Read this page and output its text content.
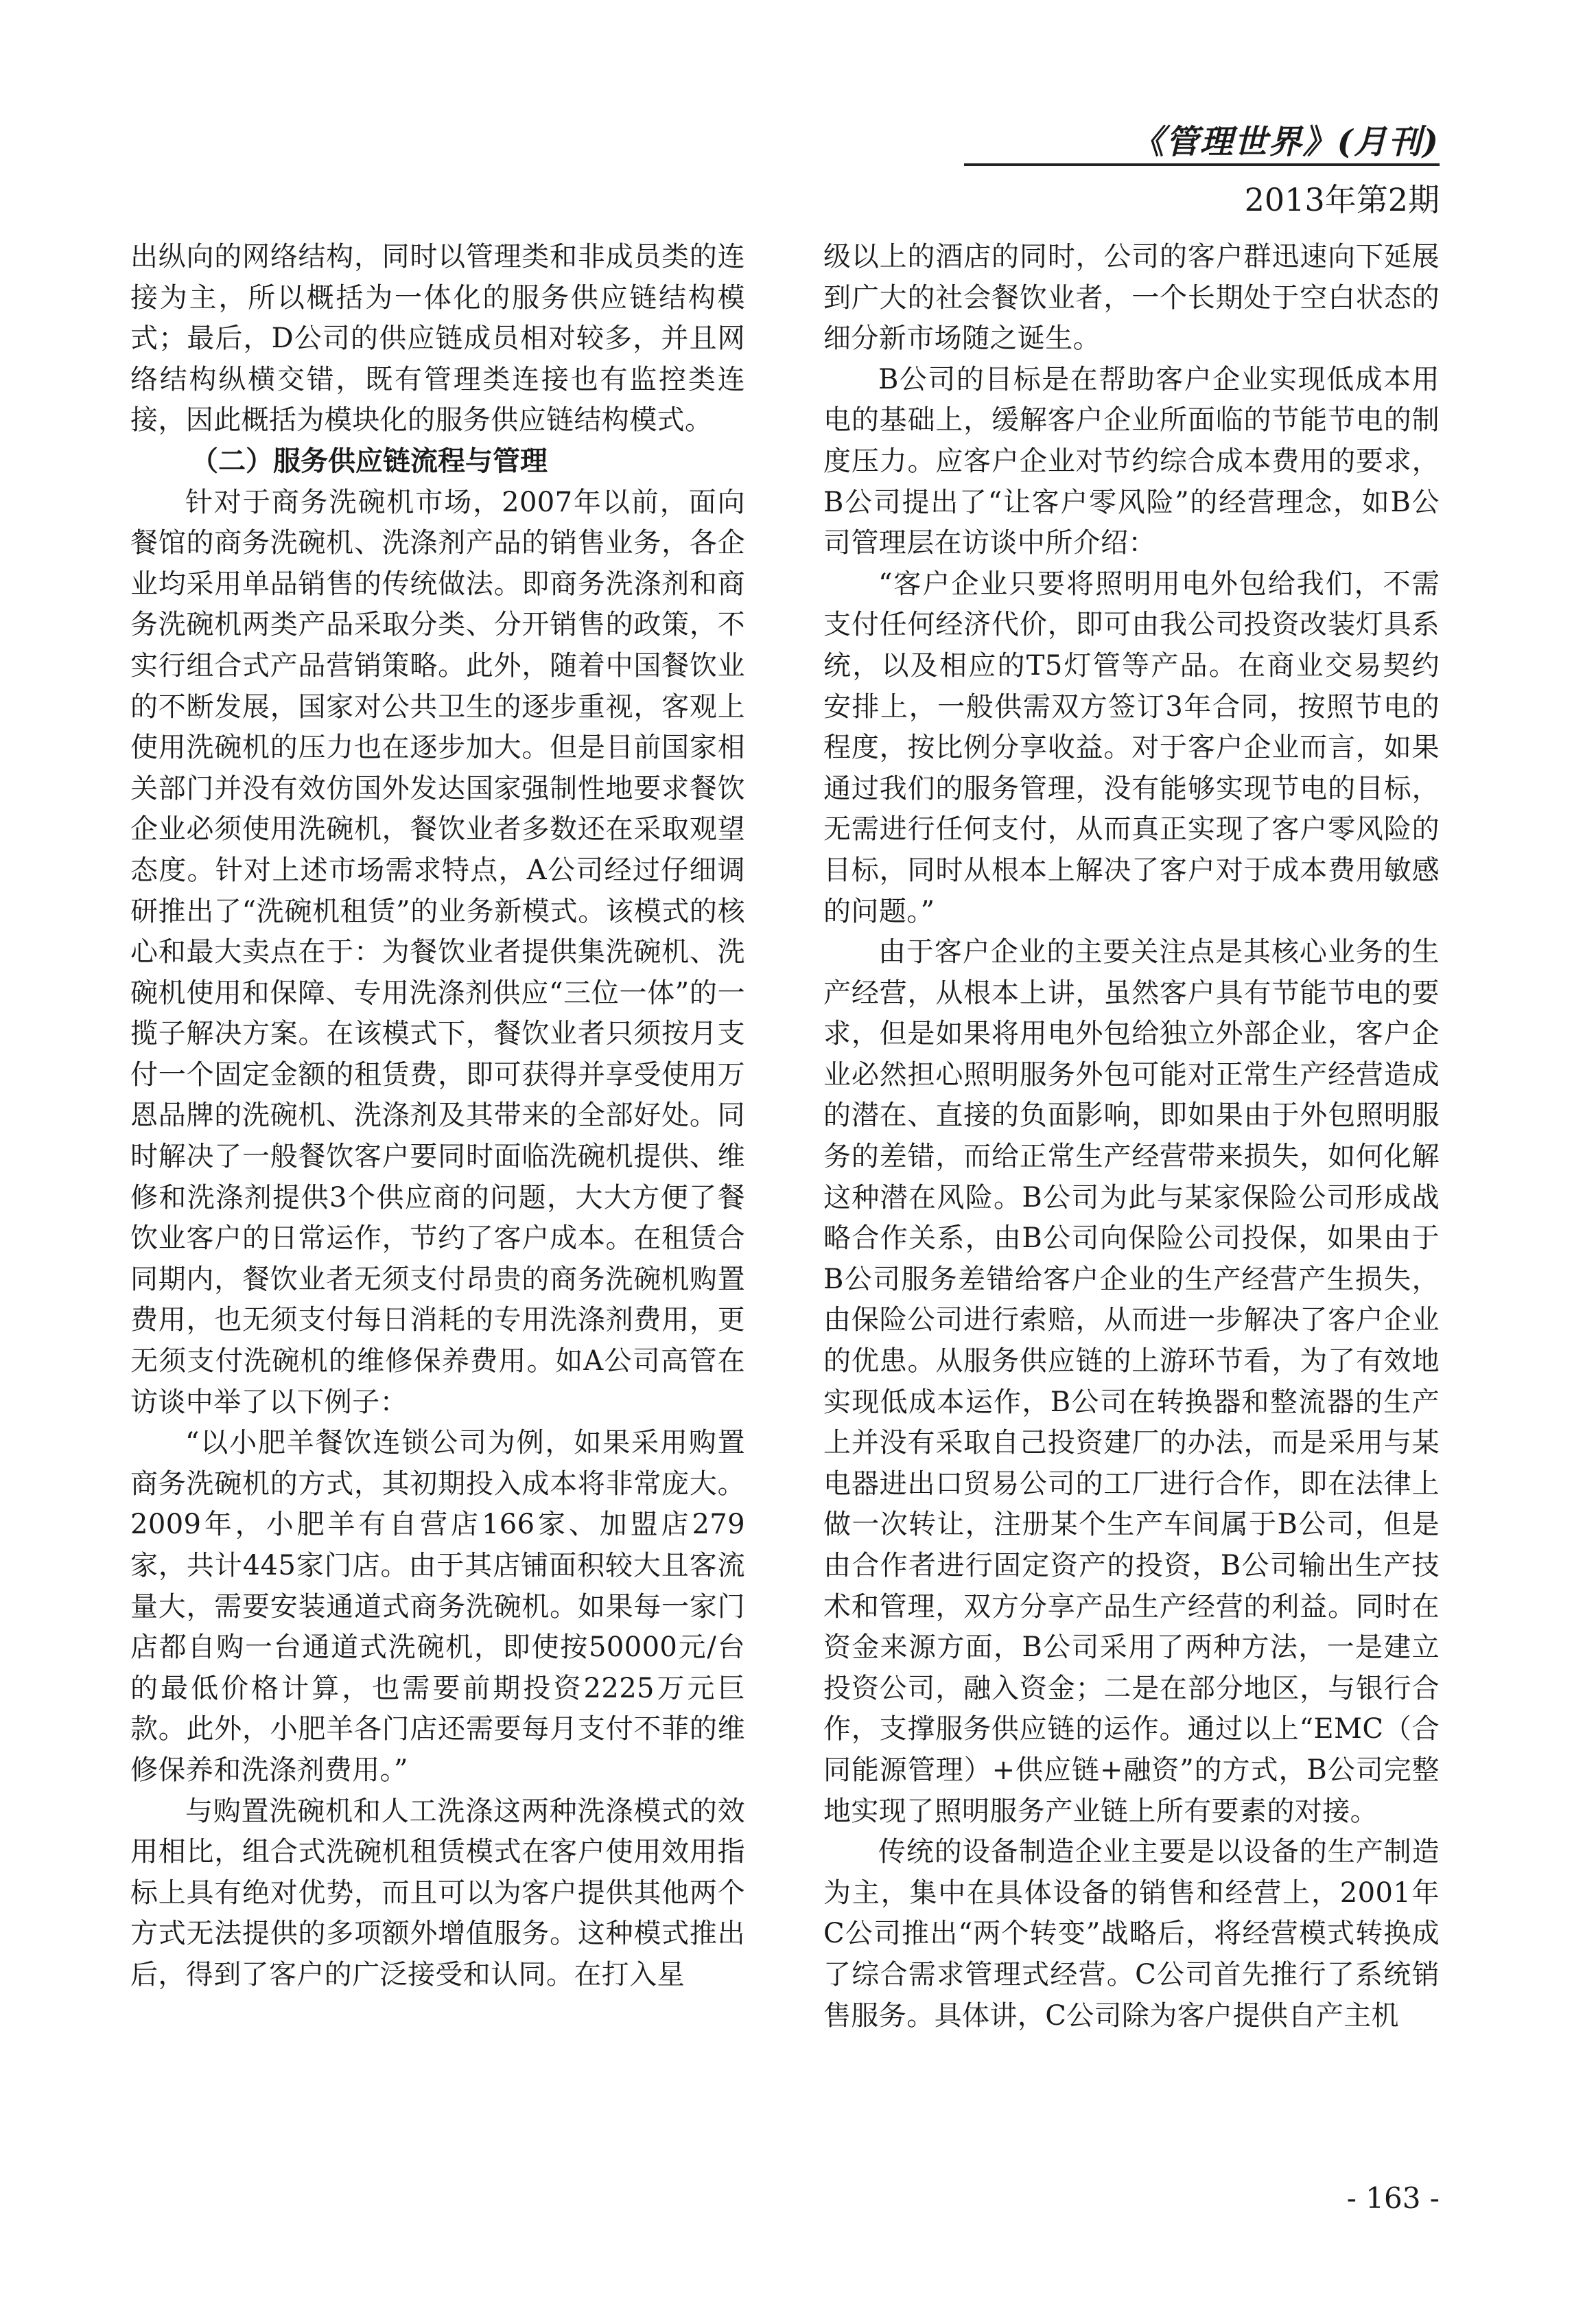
《管理世界》(月刊)
2013年第2期

出纵向的网络结构，同时以管理类和非成员类的连接为主，所以概括为一体化的服务供应链结构模式；最后，D公司的供应链成员相对较多，并且网络结构纵横交错，既有管理类连接也有监控类连接，因此概括为模块化的服务供应链结构模式。

（二）服务供应链流程与管理

针对于商务洗碗机市场，2007年以前，面向餐馆的商务洗碗机、洗涤剂产品的销售业务，各企业均采用单品销售的传统做法。即商务洗涤剂和商务洗碗机两类产品采取分类、分开销售的政策，不实行组合式产品营销策略。此外，随着中国餐饮业的不断发展，国家对公共卫生的逐步重视，客观上使用洗碗机的压力也在逐步加大。但是目前国家相关部门并没有效仿国外发达国家强制性地要求餐饮企业必须使用洗碗机，餐饮业者多数还在采取观望态度。针对上述市场需求特点，A公司经过仔细调研推出了“洗碗机租赁”的业务新模式。该模式的核心和最大卖点在于：为餐饮业者提供集洗碗机、洗碗机使用和保障、专用洗涤剂供应“三位一体”的一揽子解决方案。在该模式下，餐饮业者只须按月支付一个固定金额的租赁费，即可获得并享受使用万恩品牌的洗碗机、洗涤剂及其带来的全部好处。同时解决了一般餐饮客户要同时面临洗碗机提供、维修和洗涤剂提供3个供应商的问题，大大方便了餐饮业客户的日常运作，节约了客户成本。在租赁合同期内，餐饮业者无须支付昂贵的商务洗碗机购置费用，也无须支付每日消耗的专用洗涤剂费用，更无须支付洗碗机的维修保养费用。如A公司高管在访谈中举了以下例子：

“以小肥羊餐饮连锁公司为例，如果采用购置商务洗碗机的方式，其初期投入成本将非常庞大。2009年，小肥羊有自营店166家、加盟店279家，共计445家门店。由于其店铺面积较大且客流量大，需要安装通道式商务洗碗机。如果每一家门店都自购一台通道式洗碗机，即使按50000元/台的最低价格计算，也需要前期投资2225万元巨款。此外，小肥羊各门店还需要每月支付不菲的维修保养和洗涤剂费用。”

与购置洗碗机和人工洗涤这两种洗涤模式的效用相比，组合式洗碗机租赁模式在客户使用效用指标上具有绝对优势，而且可以为客户提供其他两个方式无法提供的多项额外增值服务。这种模式推出后，得到了客户的广泛接受和认同。在打入星

级以上的酒店的同时，公司的客户群迅速向下延展到广大的社会餐饮业者，一个长期处于空白状态的细分新市场随之诞生。

B公司的目标是在帮助客户企业实现低成本用电的基础上，缓解客户企业所面临的节能节电的制度压力。应客户企业对节约综合成本费用的要求，B公司提出了“让客户零风险”的经营理念，如B公司管理层在访谈中所介绍：

“客户企业只要将照明用电外包给我们，不需支付任何经济代价，即可由我公司投资改装灯具系统，以及相应的T5灯管等产品。在商业交易契约安排上，一般供需双方签订3年合同，按照节电的程度，按比例分享收益。对于客户企业而言，如果通过我们的服务管理，没有能够实现节电的目标，无需进行任何支付，从而真正实现了客户零风险的目标，同时从根本上解决了客户对于成本费用敏感的问题。”

由于客户企业的主要关注点是其核心业务的生产经营，从根本上讲，虽然客户具有节能节电的要求，但是如果将用电外包给独立外部企业，客户企业必然担心照明服务外包可能对正常生产经营造成的潜在、直接的负面影响，即如果由于外包照明服务的差错，而给正常生产经营带来损失，如何化解这种潜在风险。B公司为此与某家保险公司形成战略合作关系，由B公司向保险公司投保，如果由于B公司服务差错给客户企业的生产经营产生损失，由保险公司进行索赔，从而进一步解决了客户企业的优患。从服务供应链的上游环节看，为了有效地实现低成本运作，B公司在转换器和整流器的生产上并没有采取自己投资建厂的办法，而是采用与某电器进出口贸易公司的工厂进行合作，即在法律上做一次转让，注册某个生产车间属于B公司，但是由合作者进行固定资产的投资，B公司输出生产技术和管理，双方分享产品生产经营的利益。同时在资金来源方面，B公司采用了两种方法，一是建立投资公司，融入资金；二是在部分地区，与银行合作，支撑服务供应链的运作。通过以上“EMC（合同能源管理）+供应链+融资”的方式，B公司完整地实现了照明服务产业链上所有要素的对接。

传统的设备制造企业主要是以设备的生产制造为主，集中在具体设备的销售和经营上，2001年C公司推出“两个转变”战略后，将经营模式转换成了综合需求管理式经营。C公司首先推行了系统销售服务。具体讲，C公司除为客户提供自产主机

- 163 -
